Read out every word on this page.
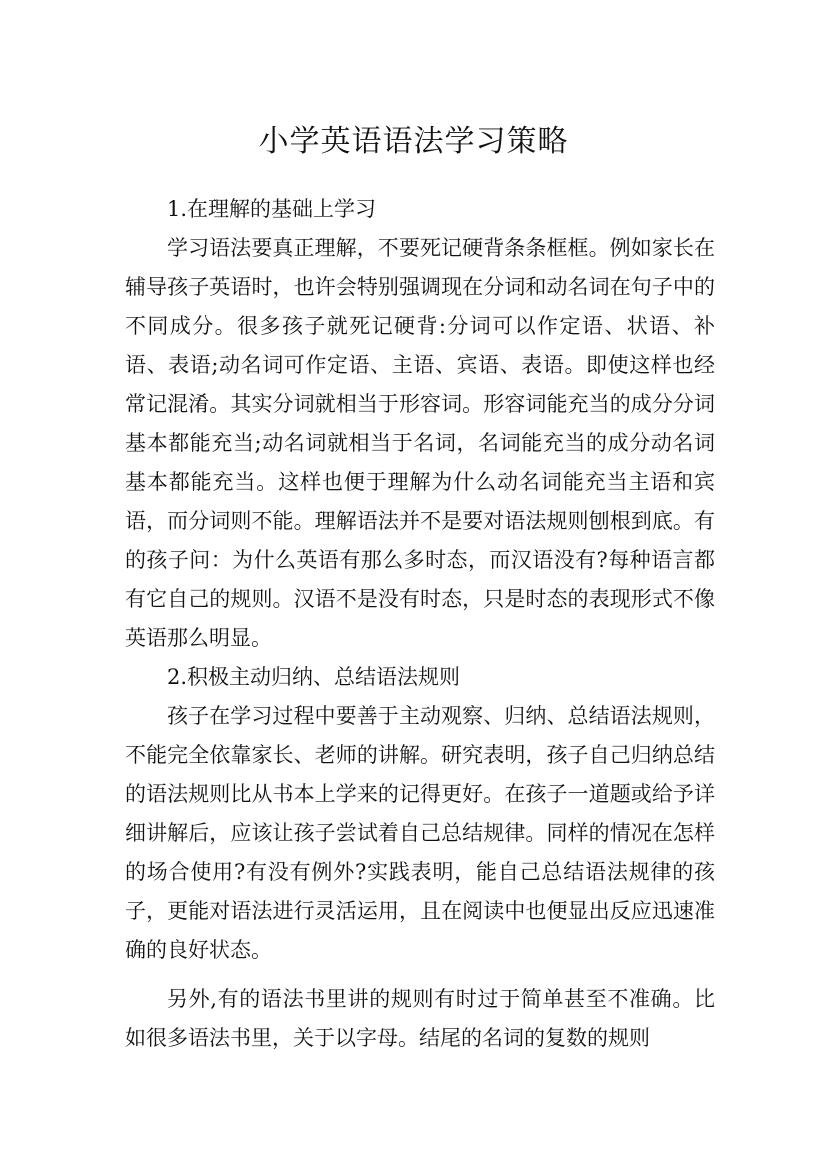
小学英语语法学习策略

1.在理解的基础上学习

学习语法要真正理解，不要死记硬背条条框框。例如家长在辅导孩子英语时，也许会特别强调现在分词和动名词在句子中的不同成分。很多孩子就死记硬背:分词可以作定语、状语、补语、表语;动名词可作定语、主语、宾语、表语。即使这样也经常记混淆。其实分词就相当于形容词。形容词能充当的成分分词基本都能充当;动名词就相当于名词，名词能充当的成分动名词基本都能充当。这样也便于理解为什么动名词能充当主语和宾语，而分词则不能。理解语法并不是要对语法规则刨根到底。有的孩子问：为什么英语有那么多时态，而汉语没有?每种语言都有它自己的规则。汉语不是没有时态，只是时态的表现形式不像英语那么明显。

2.积极主动归纳、总结语法规则

孩子在学习过程中要善于主动观察、归纳、总结语法规则，不能完全依靠家长、老师的讲解。研究表明，孩子自己归纳总结的语法规则比从书本上学来的记得更好。在孩子一道题或给予详细讲解后，应该让孩子尝试着自己总结规律。同样的情况在怎样的场合使用?有没有例外?实践表明，能自己总结语法规律的孩子，更能对语法进行灵活运用，且在阅读中也便显出反应迅速准确的良好状态。

另外,有的语法书里讲的规则有时过于简单甚至不准确。比如很多语法书里，关于以字母。结尾的名词的复数的规则
